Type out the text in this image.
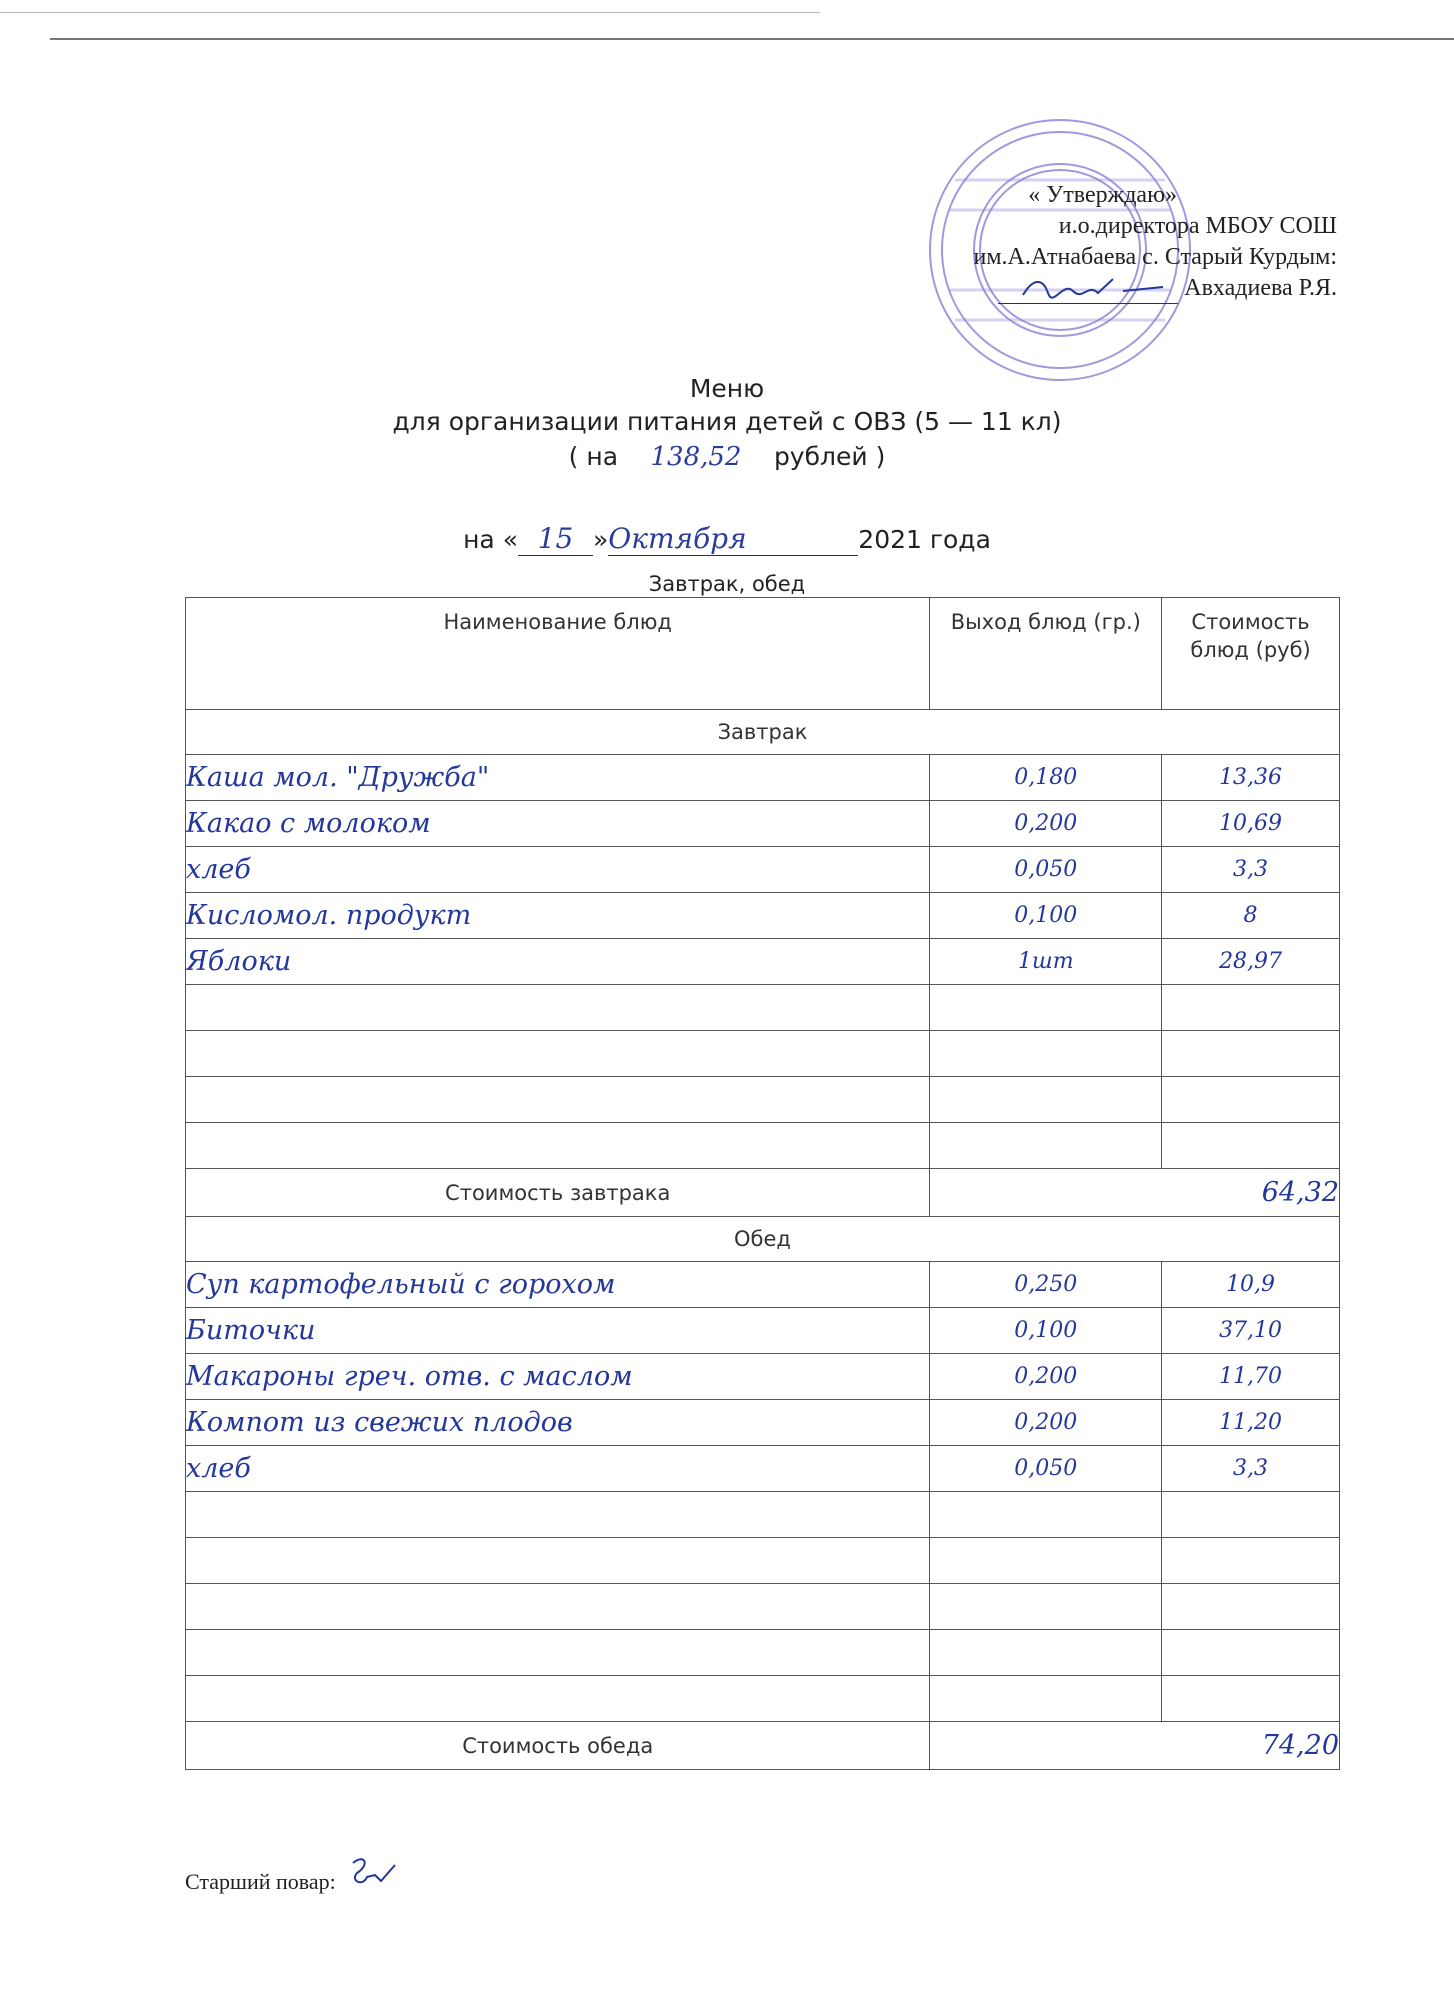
« Утверждаю»
и.о.директора МБОУ СОШ
им.А.Атнабаева с. Старый Курдым:
Авхадиева Р.Я.
Меню
для организации питания детей с ОВЗ (5 — 11 кл)
( на 138,52 рублей )
на « 15 »Октября	2021 года
Завтрак, обед
Наименование блюд	Выход блюд (гр.)	Стоимость блюд (руб)
Завтрак		
Каша мол. "Дружба"	0,180	13,36
Какао с молоком	0,200	10,69
хлеб	0,050	3,3
Кисломол. продукт	0,100	8
Яблоки	1шт	28,97

Стоимость завтрака	64,32	
Обед		
Суп картофельный с горохом	0,250	10,9
Биточки	0,100	37,10
Макароны греч. отв. с маслом	0,200	11,70
Компот из свежих плодов	0,200	11,20
хлеб	0,050	3,3

Стоимость обеда	74,20	
Старший повар:
